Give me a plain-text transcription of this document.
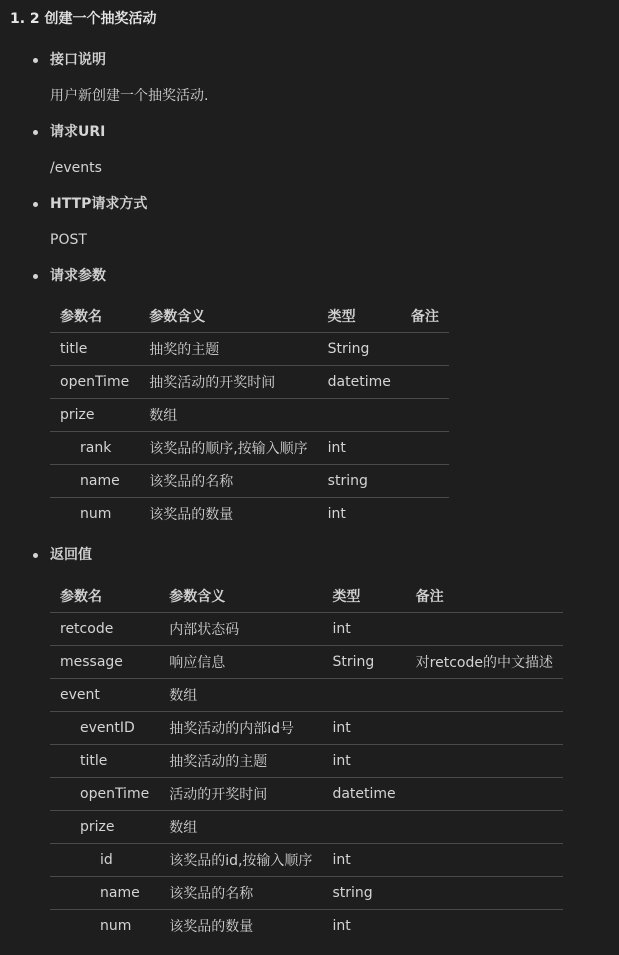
1. 2 创建一个抽奖活动
接口说明
用户新创建一个抽奖活动.
请求URI
/events
HTTP请求方式
POST
请求参数
参数名	参数含义	类型	备注
title	抽奖的主题	String	
openTime	抽奖活动的开奖时间	datetime	
prize	数组		
rank	该奖品的顺序,按输入顺序	int	
name	该奖品的名称	string	
num	该奖品的数量	int	
返回值
参数名	参数含义	类型	备注
retcode	内部状态码	int	
message	响应信息	String	对retcode的中文描述
event	数组		
eventID	抽奖活动的内部id号	int	
title	抽奖活动的主题	int	
openTime	活动的开奖时间	datetime	
prize	数组		
id	该奖品的id,按输入顺序	int	
name	该奖品的名称	string	
num	该奖品的数量	int	
